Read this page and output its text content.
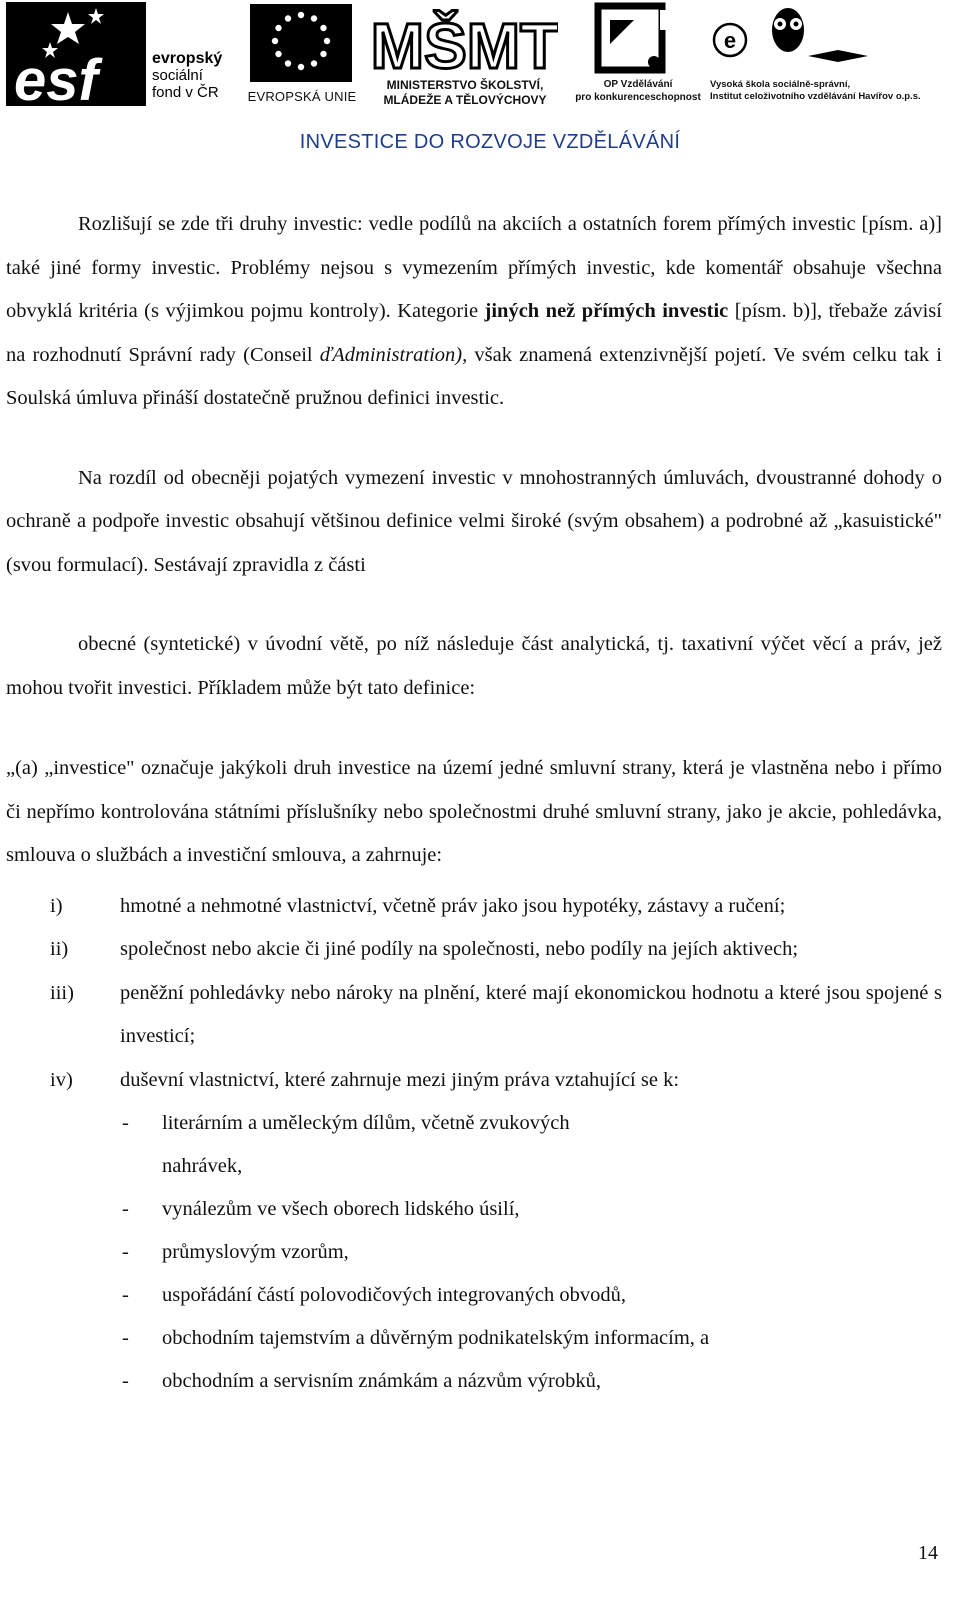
esf	evropský
sociální
fond v ČR	EVROPSKÁ UNIE
MŠMT
MINISTERSTVO ŠKOLSTVÍ,
MLÁDEŽE A TĚLOVÝCHOVY
OP Vzdělávání
pro konkurenceschopnost
e
Vysoká škola sociálně-správní,
Institut celoživotního vzdělávání Havířov o.p.s.
INVESTICE DO ROZVOJE VZDĚLÁVÁNÍ

Rozlišují se zde tři druhy investic: vedle podílů na akciích a ostatních forem přímých investic [písm. a)] také jiné formy investic. Problémy nejsou s vymezením přímých investic, kde komentář obsahuje všechna obvyklá kritéria (s výjimkou pojmu kontroly). Kategorie jiných než přímých investic [písm. b)], třebaže závisí na rozhodnutí Správní rady (Conseil ďAdministration), však znamená extenzivnější pojetí. Ve svém celku tak i Soulská úmluva přináší dostatečně pružnou definici investic.

Na rozdíl od obecněji pojatých vymezení investic v mnohostranných úmluvách, dvoustranné dohody o ochraně a podpoře investic obsahují většinou definice velmi široké (svým obsahem) a podrobné až „kasuistické" (svou formulací). Sestávají zpravidla z části

obecné (syntetické) v úvodní větě, po níž následuje část analytická, tj. taxativní výčet věcí a práv, jež mohou tvořit investici. Příkladem může být tato definice:

„(a) „investice" označuje jakýkoli druh investice na území jedné smluvní strany, která je vlastněna nebo i přímo či nepřímo kontrolována státními příslušníky nebo společnostmi druhé smluvní strany, jako je akcie, pohledávka, smlouva o službách a investiční smlouva, a zahrnuje:

i)	hmotné a nehmotné vlastnictví, včetně práv jako jsou hypotéky, zástavy a ručení;
ii)	společnost nebo akcie či jiné podíly na společnosti, nebo podíly na jejích aktivech;
iii)	peněžní pohledávky nebo nároky na plnění, které mají ekonomickou hodnotu a které jsou spojené s investicí;
iv)	duševní vlastnictví, které zahrnuje mezi jiným práva vztahující se k:
-	literárním a uměleckým dílům, včetně zvukových
nahrávek,
-	vynálezům ve všech oborech lidského úsilí,
-	průmyslovým vzorům,
-	uspořádání částí polovodičových integrovaných obvodů,
-	obchodním tajemstvím a důvěrným podnikatelským informacím, a
-	obchodním a servisním známkám a názvům výrobků,
14
